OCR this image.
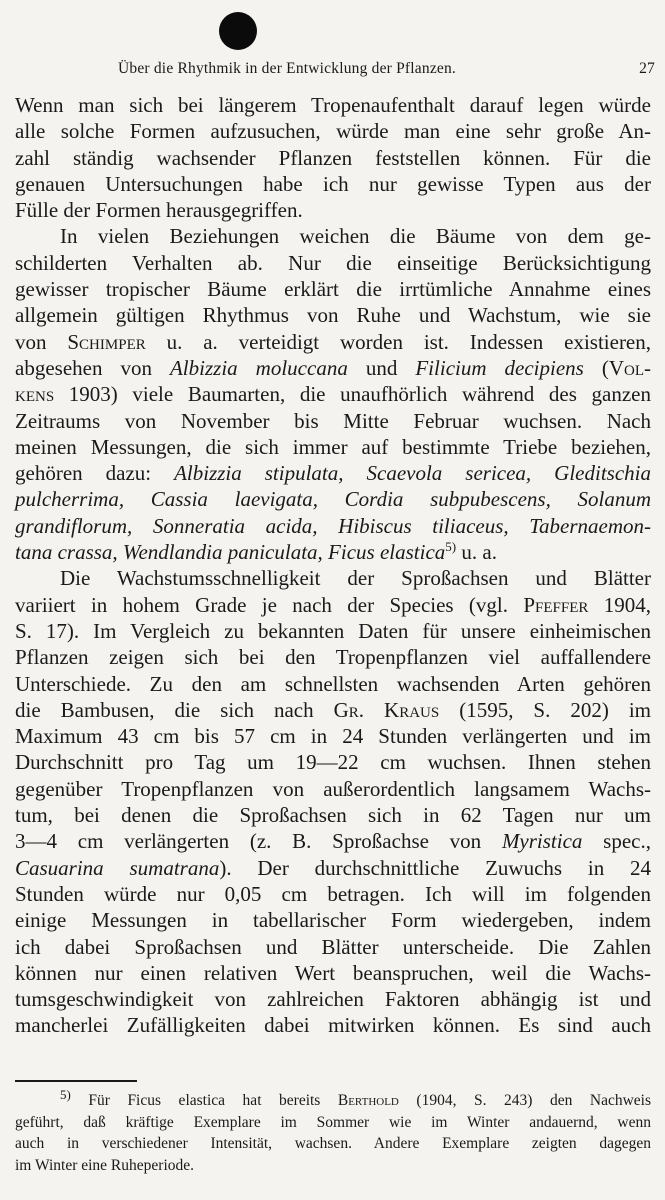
Über die Rhythmik in der Entwicklung der Pflanzen.	27

Wenn man sich bei längerem Tropenaufenthalt darauf legen würde
alle solche Formen aufzusuchen, würde man eine sehr große An-
zahl ständig wachsender Pflanzen feststellen können. Für die
genauen Untersuchungen habe ich nur gewisse Typen aus der
Fülle der Formen herausgegriffen.

In vielen Beziehungen weichen die Bäume von dem ge-
schilderten Verhalten ab. Nur die einseitige Berücksichtigung
gewisser tropischer Bäume erklärt die irrtümliche Annahme eines
allgemein gültigen Rhythmus von Ruhe und Wachstum, wie sie
von Schimper u. a. verteidigt worden ist. Indessen existieren,
abgesehen von Albizzia moluccana und Filicium decipiens (Vol-
kens 1903) viele Baumarten, die unaufhörlich während des ganzen
Zeitraums von November bis Mitte Februar wuchsen. Nach
meinen Messungen, die sich immer auf bestimmte Triebe beziehen,
gehören dazu: Albizzia stipulata, Scaevola sericea, Gleditschia
pulcherrima, Cassia laevigata, Cordia subpubescens, Solanum
grandiflorum, Sonneratia acida, Hibiscus tiliaceus, Tabernaemon-
tana crassa, Wendlandia paniculata, Ficus elastica$^{5)}$ u. a.

Die Wachstumsschnelligkeit der Sproßachsen und Blätter
variiert in hohem Grade je nach der Species (vgl. Pfeffer 1904,
S. 17). Im Vergleich zu bekannten Daten für unsere einheimischen
Pflanzen zeigen sich bei den Tropenpflanzen viel auffallendere
Unterschiede. Zu den am schnellsten wachsenden Arten gehören
die Bambusen, die sich nach Gr. Kraus (1595, S. 202) im
Maximum 43 cm bis 57 cm in 24 Stunden verlängerten und im
Durchschnitt pro Tag um 19—22 cm wuchsen. Ihnen stehen
gegenüber Tropenpflanzen von außerordentlich langsamem Wachs-
tum, bei denen die Sproßachsen sich in 62 Tagen nur um
3—4 cm verlängerten (z. B. Sproßachse von Myristica spec.,
Casuarina sumatrana). Der durchschnittliche Zuwuchs in 24
Stunden würde nur 0,05 cm betragen. Ich will im folgenden
einige Messungen in tabellarischer Form wiedergeben, indem
ich dabei Sproßachsen und Blätter unterscheide. Die Zahlen
können nur einen relativen Wert beanspruchen, weil die Wachs-
tumsgeschwindigkeit von zahlreichen Faktoren abhängig ist und
mancherlei Zufälligkeiten dabei mitwirken können. Es sind auch

$^{5)}$ Für Ficus elastica hat bereits Berthold (1904, S. 243) den Nachweis
geführt, daß kräftige Exemplare im Sommer wie im Winter andauernd, wenn
auch in verschiedener Intensität, wachsen. Andere Exemplare zeigten dagegen
im Winter eine Ruheperiode.
